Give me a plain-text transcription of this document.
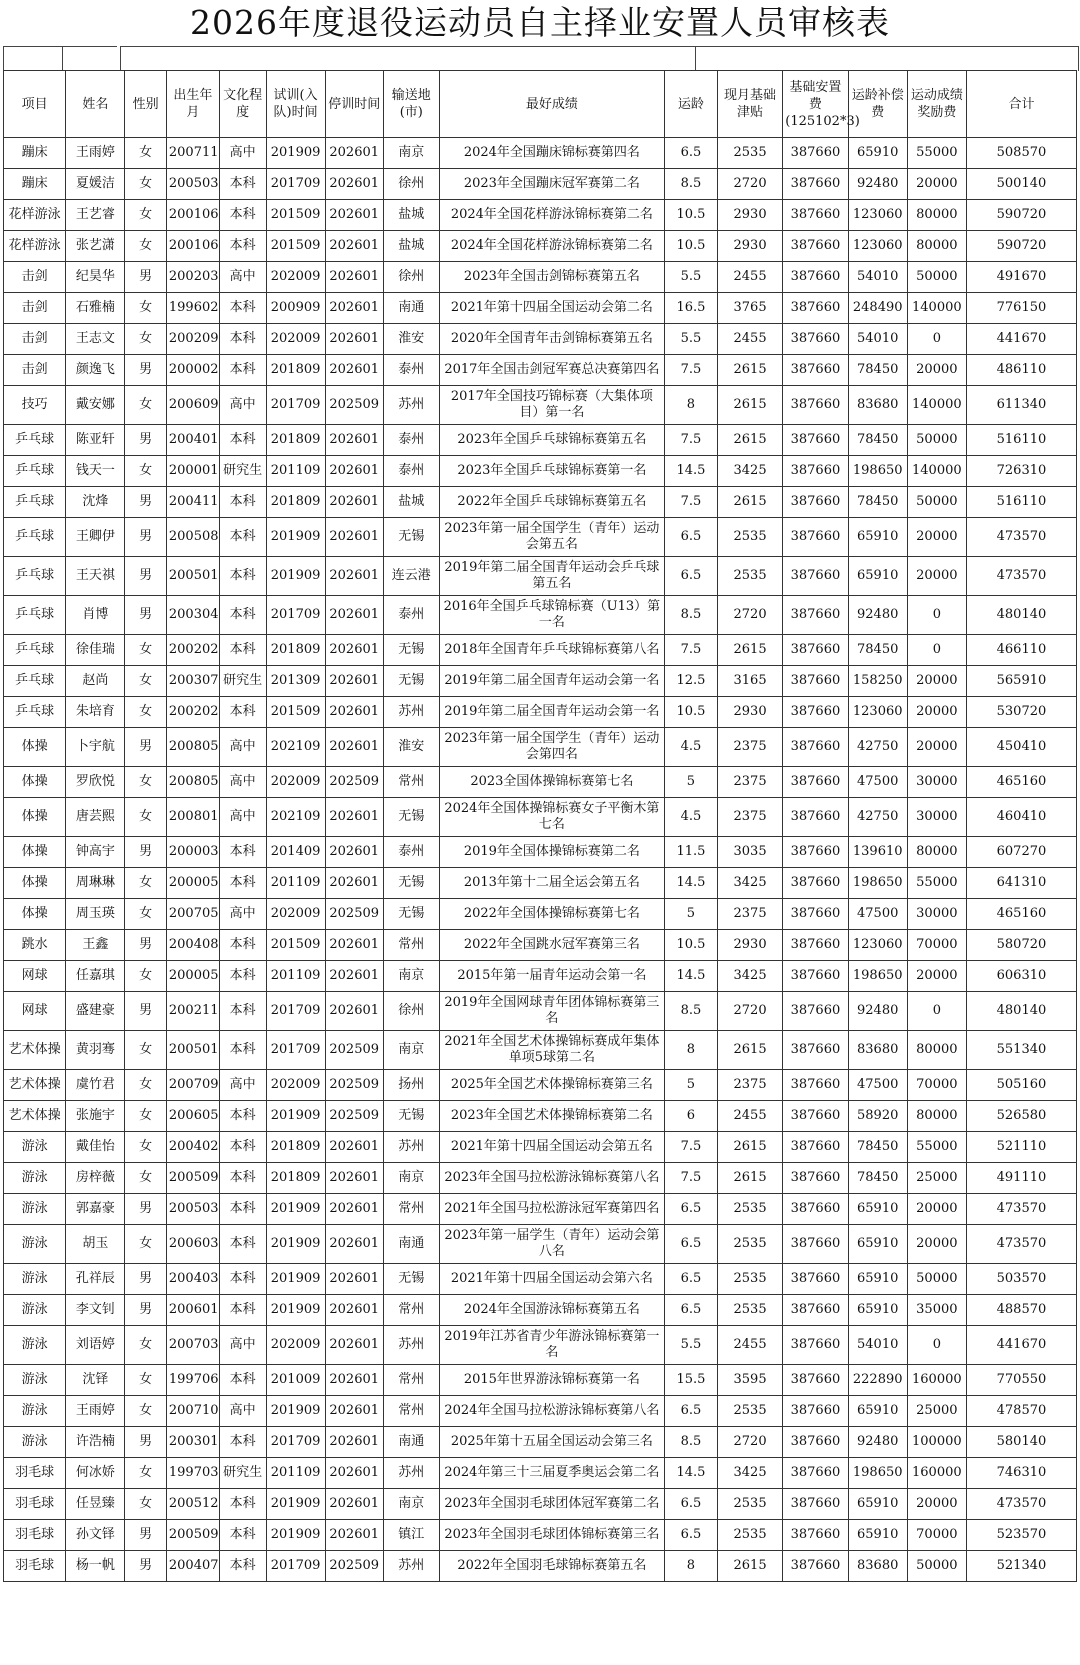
2026年度退役运动员自主择业安置人员审核表
项目	姓名	性别	出生年月	文化程度	试训(入队)时间	停训时间	输送地(市)	最好成绩	运龄	现月基础津贴	基础安置费(125102*3)	运龄补偿费	运动成绩奖励费	合计
蹦床	王雨婷	女	200711	高中	201909	202601	南京	2024年全国蹦床锦标赛第四名	6.5	2535	387660	65910	55000	508570
蹦床	夏媛洁	女	200503	本科	201709	202601	徐州	2023年全国蹦床冠军赛第二名	8.5	2720	387660	92480	20000	500140
花样游泳	王艺睿	女	200106	本科	201509	202601	盐城	2024年全国花样游泳锦标赛第二名	10.5	2930	387660	123060	80000	590720
花样游泳	张艺潇	女	200106	本科	201509	202601	盐城	2024年全国花样游泳锦标赛第二名	10.5	2930	387660	123060	80000	590720
击剑	纪昊华	男	200203	高中	202009	202601	徐州	2023年全国击剑锦标赛第五名	5.5	2455	387660	54010	50000	491670
击剑	石雅楠	女	199602	本科	200909	202601	南通	2021年第十四届全国运动会第二名	16.5	3765	387660	248490	140000	776150
击剑	王志文	女	200209	本科	202009	202601	淮安	2020年全国青年击剑锦标赛第五名	5.5	2455	387660	54010	0	441670
击剑	颜逸飞	男	200002	本科	201809	202601	泰州	2017年全国击剑冠军赛总决赛第四名	7.5	2615	387660	78450	20000	486110
技巧	戴安娜	女	200609	高中	201709	202509	苏州	2017年全国技巧锦标赛（大集体项目）第一名	8	2615	387660	83680	140000	611340
乒乓球	陈亚轩	男	200401	本科	201809	202601	泰州	2023年全国乒乓球锦标赛第五名	7.5	2615	387660	78450	50000	516110
乒乓球	钱天一	女	200001	研究生	201109	202601	泰州	2023年全国乒乓球锦标赛第一名	14.5	3425	387660	198650	140000	726310
乒乓球	沈烽	男	200411	本科	201809	202601	盐城	2022年全国乒乓球锦标赛第五名	7.5	2615	387660	78450	50000	516110
乒乓球	王卿伊	男	200508	本科	201909	202601	无锡	2023年第一届全国学生（青年）运动会第五名	6.5	2535	387660	65910	20000	473570
乒乓球	王天祺	男	200501	本科	201909	202601	连云港	2019年第二届全国青年运动会乒乓球第五名	6.5	2535	387660	65910	20000	473570
乒乓球	肖博	男	200304	本科	201709	202601	泰州	2016年全国乒乓球锦标赛（U13）第一名	8.5	2720	387660	92480	0	480140
乒乓球	徐佳瑞	女	200202	本科	201809	202601	无锡	2018年全国青年乒乓球锦标赛第八名	7.5	2615	387660	78450	0	466110
乒乓球	赵尚	女	200307	研究生	201309	202601	无锡	2019年第二届全国青年运动会第一名	12.5	3165	387660	158250	20000	565910
乒乓球	朱培育	女	200202	本科	201509	202601	苏州	2019年第二届全国青年运动会第一名	10.5	2930	387660	123060	20000	530720
体操	卜宇航	男	200805	高中	202109	202601	淮安	2023年第一届全国学生（青年）运动会第四名	4.5	2375	387660	42750	20000	450410
体操	罗欣悦	女	200805	高中	202009	202509	常州	2023全国体操锦标赛第七名	5	2375	387660	47500	30000	465160
体操	唐芸熙	女	200801	高中	202109	202601	无锡	2024年全国体操锦标赛女子平衡木第七名	4.5	2375	387660	42750	30000	460410
体操	钟高宇	男	200003	本科	201409	202601	泰州	2019年全国体操锦标赛第二名	11.5	3035	387660	139610	80000	607270
体操	周琳琳	女	200005	本科	201109	202601	无锡	2013年第十二届全运会第五名	14.5	3425	387660	198650	55000	641310
体操	周玉瑛	女	200705	高中	202009	202509	无锡	2022年全国体操锦标赛第七名	5	2375	387660	47500	30000	465160
跳水	王鑫	男	200408	本科	201509	202601	常州	2022年全国跳水冠军赛第三名	10.5	2930	387660	123060	70000	580720
网球	任嘉琪	女	200005	本科	201109	202601	南京	2015年第一届青年运动会第一名	14.5	3425	387660	198650	20000	606310
网球	盛建豪	男	200211	本科	201709	202601	徐州	2019年全国网球青年团体锦标赛第三名	8.5	2720	387660	92480	0	480140
艺术体操	黄羽骞	女	200501	本科	201709	202509	南京	2021年全国艺术体操锦标赛成年集体单项5球第二名	8	2615	387660	83680	80000	551340
艺术体操	虞竹君	女	200709	高中	202009	202509	扬州	2025年全国艺术体操锦标赛第三名	5	2375	387660	47500	70000	505160
艺术体操	张施宇	女	200605	本科	201909	202509	无锡	2023年全国艺术体操锦标赛第二名	6	2455	387660	58920	80000	526580
游泳	戴佳怡	女	200402	本科	201809	202601	苏州	2021年第十四届全国运动会第五名	7.5	2615	387660	78450	55000	521110
游泳	房梓薇	女	200509	本科	201809	202601	南京	2023年全国马拉松游泳锦标赛第八名	7.5	2615	387660	78450	25000	491110
游泳	郭嘉豪	男	200503	本科	201909	202601	常州	2021年全国马拉松游泳冠军赛第四名	6.5	2535	387660	65910	20000	473570
游泳	胡玉	女	200603	本科	201909	202601	南通	2023年第一届学生（青年）运动会第八名	6.5	2535	387660	65910	20000	473570
游泳	孔祥辰	男	200403	本科	201909	202601	无锡	2021年第十四届全国运动会第六名	6.5	2535	387660	65910	50000	503570
游泳	李文钊	男	200601	本科	201909	202601	常州	2024年全国游泳锦标赛第五名	6.5	2535	387660	65910	35000	488570
游泳	刘语婷	女	200703	高中	202009	202601	苏州	2019年江苏省青少年游泳锦标赛第一名	5.5	2455	387660	54010	0	441670
游泳	沈铎	女	199706	本科	201009	202601	常州	2015年世界游泳锦标赛第一名	15.5	3595	387660	222890	160000	770550
游泳	王雨婷	女	200710	高中	201909	202601	常州	2024年全国马拉松游泳锦标赛第八名	6.5	2535	387660	65910	25000	478570
游泳	许浩楠	男	200301	本科	201709	202601	南通	2025年第十五届全国运动会第三名	8.5	2720	387660	92480	100000	580140
羽毛球	何冰娇	女	199703	研究生	201109	202601	苏州	2024年第三十三届夏季奥运会第二名	14.5	3425	387660	198650	160000	746310
羽毛球	任昱臻	女	200512	本科	201909	202601	南京	2023年全国羽毛球团体冠军赛第二名	6.5	2535	387660	65910	20000	473570
羽毛球	孙文铎	男	200509	本科	201909	202601	镇江	2023年全国羽毛球团体锦标赛第三名	6.5	2535	387660	65910	70000	523570
羽毛球	杨一帆	男	200407	本科	201709	202509	苏州	2022年全国羽毛球锦标赛第五名	8	2615	387660	83680	50000	521340
